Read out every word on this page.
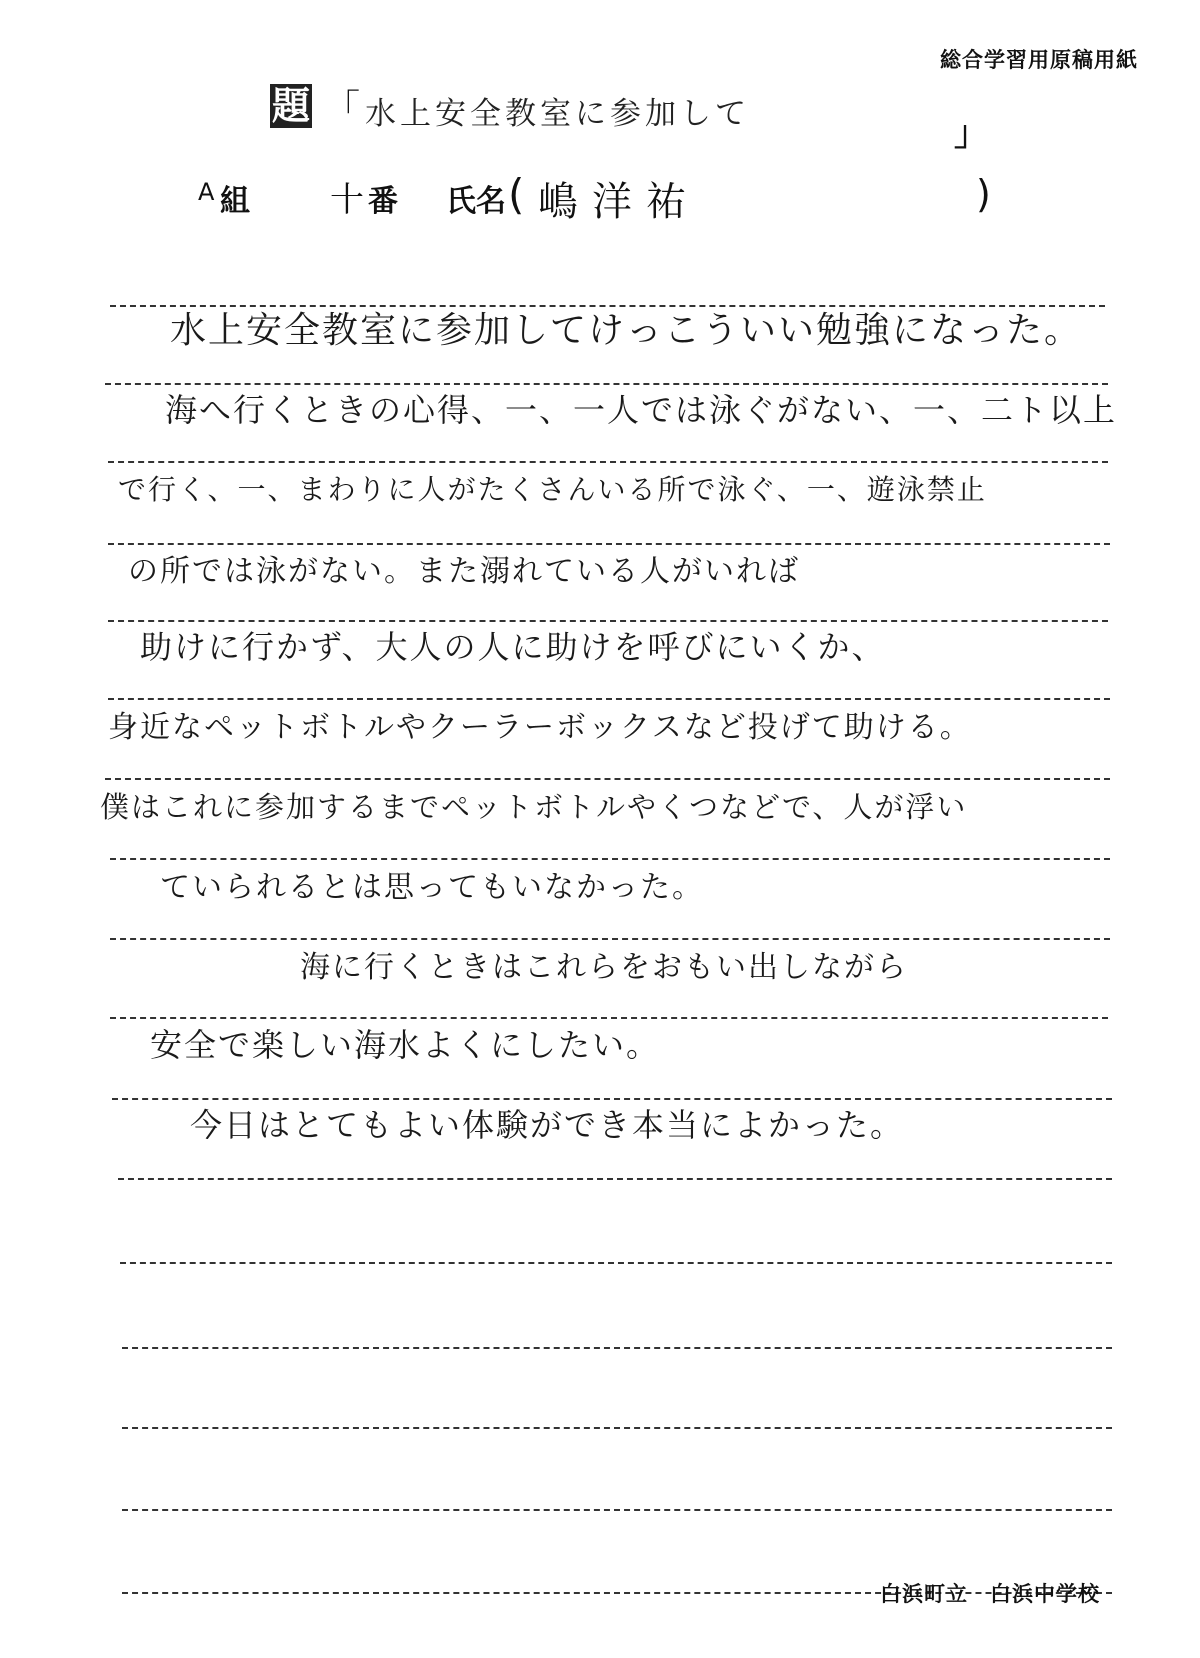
総合学習用原稿用紙
題 「 水上安全教室に参加して	」
A 組 十 番 氏名 ( 嶋洋祐	)
水上安全教室に参加してけっこういい勉強になった。
海へ行くときの心得、一、一人では泳ぐがない、一、二ト以上
で行く、一、まわりに人がたくさんいる所で泳ぐ、一、遊泳禁止
の所では泳がない。また溺れている人がいれば
助けに行かず、大人の人に助けを呼びにいくか、
身近なペットボトルやクーラーボックスなど投げて助ける。
僕はこれに参加するまでペットボトルやくつなどで、人が浮い
ていられるとは思ってもいなかった。
海に行くときはこれらをおもい出しながら
安全で楽しい海水よくにしたい。
今日はとてもよい体験ができ本当によかった。
白浜町立　白浜中学校
